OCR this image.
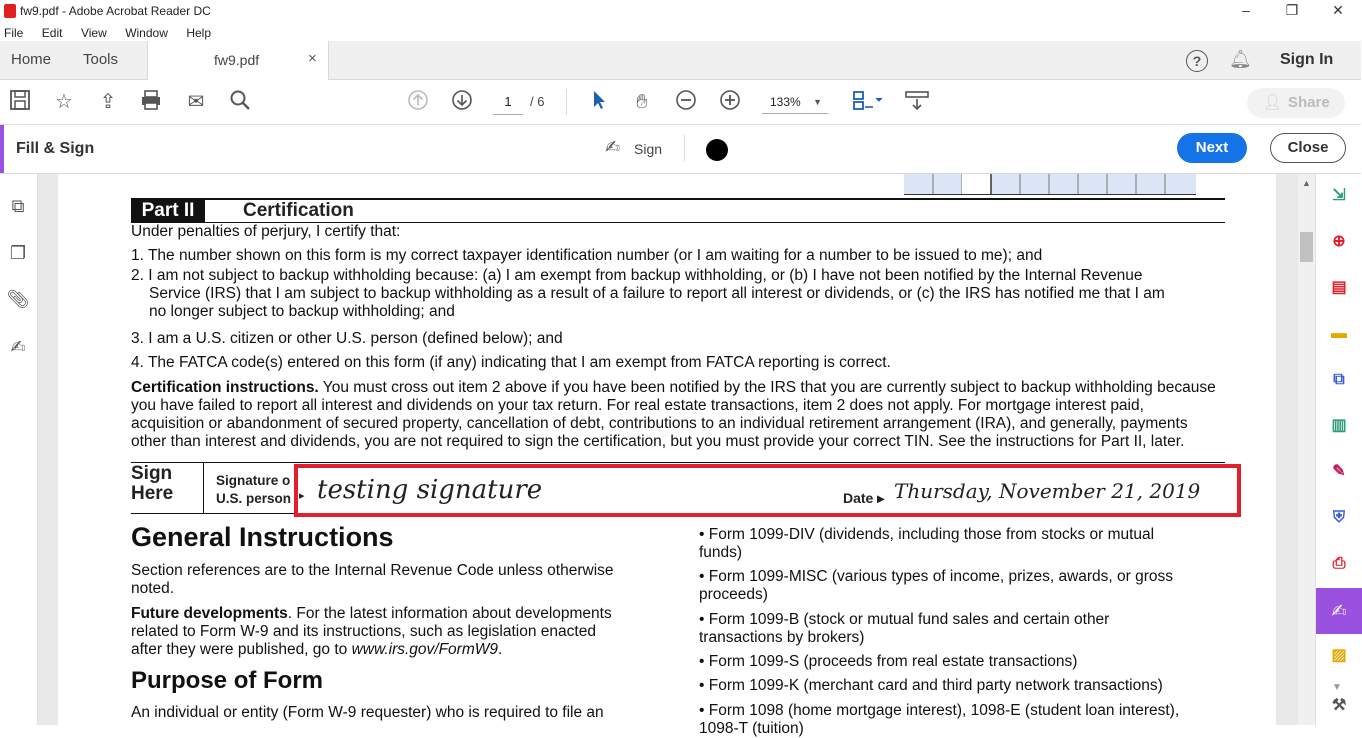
fw9.pdf - Adobe Acrobat Reader DC	–	❐	✕
File Edit View Window Help
Home Tools	?	🔔︎ Sign In
fw9.pdf	×
☆ ⇪	✉	1	/ 6	✋︎	133% ▼	👤︎ Share
Fill & Sign	✍︎ Sign	Next	Close
⧉
❐
📎︎
✍︎
Part II	Certification
Under penalties of perjury, I certify that:
1. The number shown on this form is my correct taxpayer identification number (or I am waiting for a number to be issued to me); and
2. I am not subject to backup withholding because: (a) I am exempt from backup withholding, or (b) I have not been notified by the Internal Revenue
Service (IRS) that I am subject to backup withholding as a result of a failure to report all interest or dividends, or (c) the IRS has notified me that I am
no longer subject to backup withholding; and
3. I am a U.S. citizen or other U.S. person (defined below); and
4. The FATCA code(s) entered on this form (if any) indicating that I am exempt from FATCA reporting is correct.
Certification instructions. You must cross out item 2 above if you have been notified by the IRS that you are currently subject to backup withholding because
you have failed to report all interest and dividends on your tax return. For real estate transactions, item 2 does not apply. For mortgage interest paid,
acquisition or abandonment of secured property, cancellation of debt, contributions to an individual retirement arrangement (IRA), and generally, payments
other than interest and dividends, you are not required to sign the certification, but you must provide your correct TIN. See the instructions for Part II, later.
Sign
Here
Signature o
U.S. person ▸ testing signature	Date ▸ Thursday, November 21, 2019
General Instructions
Section references are to the Internal Revenue Code unless otherwise
noted.
Future developments. For the latest information about developments
related to Form W-9 and its instructions, such as legislation enacted
after they were published, go to www.irs.gov/FormW9.
Purpose of Form
An individual or entity (Form W-9 requester) who is required to file an
• Form 1099-DIV (dividends, including those from stocks or mutual
funds)
• Form 1099-MISC (various types of income, prizes, awards, or gross
proceeds)
• Form 1099-B (stock or mutual fund sales and certain other
transactions by brokers)
• Form 1099-S (proceeds from real estate transactions)
• Form 1099-K (merchant card and third party network transactions)
• Form 1098 (home mortgage interest), 1098-E (student loan interest),
1098-T (tuition)
▲
⇲
⊕
▤
▬
⧉
▥
✎
⛨
⎙
✍︎
▨
▼
⚒
